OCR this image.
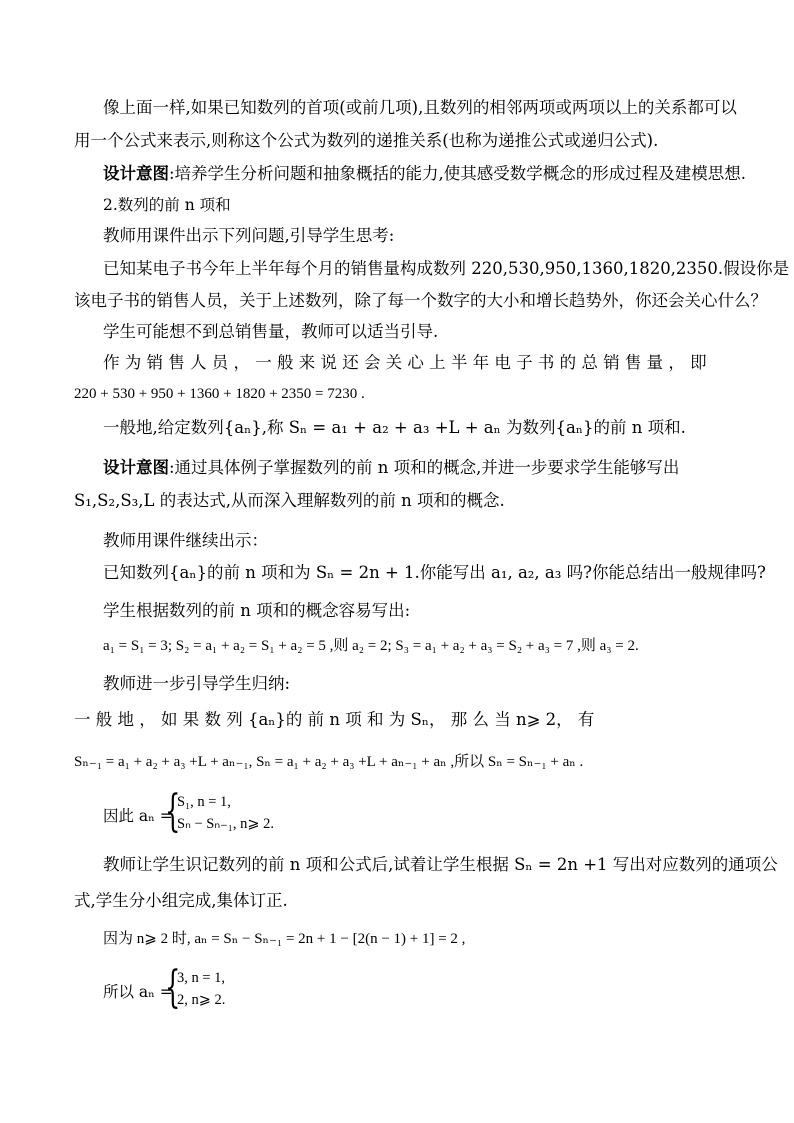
像上面一样,如果已知数列的首项(或前几项),且数列的相邻两项或两项以上的关系都可以
用一个公式来表示,则称这个公式为数列的递推关系(也称为递推公式或递归公式).
设计意图:培养学生分析问题和抽象概括的能力,使其感受数学概念的形成过程及建模思想.
2.数列的前 n 项和
教师用课件出示下列问题,引导学生思考:
已知某电子书今年上半年每个月的销售量构成数列 220,530,950,1360,1820,2350.假设你是
该电子书的销售人员，关于上述数列，除了每一个数字的大小和增长趋势外，你还会关心什么？
学生可能想不到总销售量，教师可以适当引导.
作 为 销 售 人 员 ， 一 般 来 说 还 会 关 心 上 半 年 电 子 书 的 总 销 售 量 ， 即
220 + 530 + 950 + 1360 + 1820 + 2350 = 7230 .
一般地,给定数列{aₙ},称 Sₙ = a₁ + a₂ + a₃ +L + aₙ 为数列{aₙ}的前 n 项和.
设计意图:通过具体例子掌握数列的前 n 项和的概念,并进一步要求学生能够写出
S₁,S₂,S₃,L 的表达式,从而深入理解数列的前 n 项和的概念.
教师用课件继续出示：
已知数列{aₙ}的前 n 项和为 Sₙ = 2n + 1.你能写出 a₁, a₂, a₃ 吗?你能总结出一般规律吗?
学生根据数列的前 n 项和的概念容易写出:
a₁ = S₁ = 3; S₂ = a₁ + a₂ = S₁ + a₂ = 5 ,则 a₂ = 2; S₃ = a₁ + a₂ + a₃ = S₂ + a₃ = 7 ,则 a₃ = 2.
教师进一步引导学生归纳:
一 般 地 ， 如 果 数 列 {aₙ}的 前 n 项 和 为 Sₙ， 那 么 当 n⩾ 2， 有
Sₙ₋₁ = a₁ + a₂ + a₃ +L + aₙ₋₁, Sₙ = a₁ + a₂ + a₃ +L + aₙ₋₁ + aₙ ,所以 Sₙ = Sₙ₋₁ + aₙ .
因此 aₙ =
{
S₁, n = 1,
Sₙ − Sₙ₋₁, n⩾ 2.
教师让学生识记数列的前 n 项和公式后,试着让学生根据 Sₙ = 2n +1 写出对应数列的通项公
式,学生分小组完成,集体订正.
因为 n⩾ 2 时, aₙ = Sₙ − Sₙ₋₁ = 2n + 1 − [2(n − 1) + 1] = 2 ,
所以 aₙ =
{
3, n = 1,
2, n⩾ 2.
